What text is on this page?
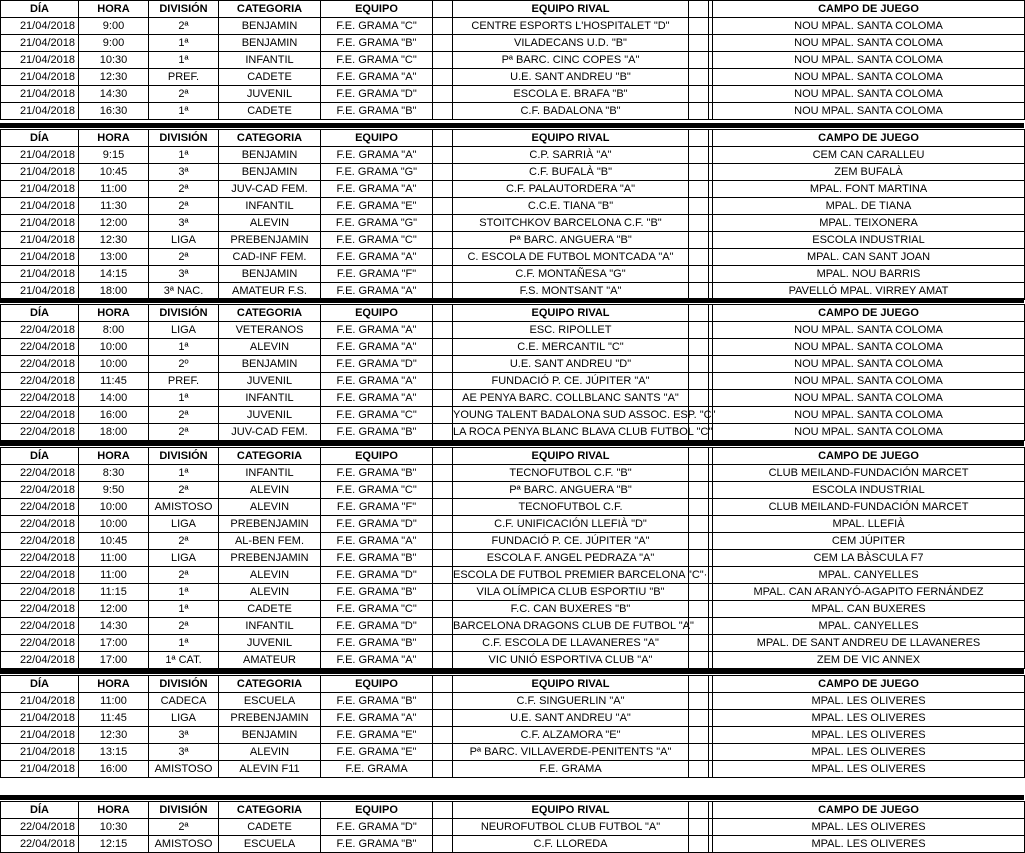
DÍA	HORA	DIVISIÓN	CATEGORIA	EQUIPO		EQUIPO RIVAL			CAMPO DE JUEGO
21/04/2018	9:00	2ª	BENJAMIN	F.E. GRAMA "C"		CENTRE ESPORTS L'HOSPITALET "D"			NOU MPAL. SANTA COLOMA
21/04/2018	9:00	1ª	BENJAMIN	F.E. GRAMA "B"		VILADECANS U.D. "B"			NOU MPAL. SANTA COLOMA
21/04/2018	10:30	1ª	INFANTIL	F.E. GRAMA "C"		Pª BARC. CINC COPES "A"			NOU MPAL. SANTA COLOMA
21/04/2018	12:30	PREF.	CADETE	F.E. GRAMA "A"		U.E. SANT ANDREU "B"			NOU MPAL. SANTA COLOMA
21/04/2018	14:30	2ª	JUVENIL	F.E. GRAMA "D"		ESCOLA E. BRAFA "B"			NOU MPAL. SANTA COLOMA
21/04/2018	16:30	1ª	CADETE	F.E. GRAMA "B"		C.F. BADALONA "B"			NOU MPAL. SANTA COLOMA
DÍA	HORA	DIVISIÓN	CATEGORIA	EQUIPO		EQUIPO RIVAL			CAMPO DE JUEGO
21/04/2018	9:15	1ª	BENJAMIN	F.E. GRAMA "A"		C.P. SARRIÀ "A"			CEM CAN CARALLEU
21/04/2018	10:45	3ª	BENJAMIN	F.E. GRAMA "G"		C.F. BUFALÀ "B"			ZEM BUFALÀ
21/04/2018	11:00	2ª	JUV-CAD FEM.	F.E. GRAMA "A"		C.F. PALAUTORDERA "A"			MPAL. FONT MARTINA
21/04/2018	11:30	2ª	INFANTIL	F.E. GRAMA "E"		C.C.E. TIANA "B"			MPAL. DE TIANA
21/04/2018	12:00	3ª	ALEVIN	F.E. GRAMA "G"		STOITCHKOV BARCELONA C.F. "B"			MPAL. TEIXONERA
21/04/2018	12:30	LIGA	PREBENJAMIN	F.E. GRAMA "C"		Pª BARC. ANGUERA "B"			ESCOLA INDUSTRIAL
21/04/2018	13:00	2ª	CAD-INF FEM.	F.E. GRAMA "A"		C. ESCOLA DE FUTBOL MONTCADA "A"			MPAL. CAN SANT JOAN
21/04/2018	14:15	3ª	BENJAMIN	F.E. GRAMA "F"		C.F. MONTAÑESA "G"			MPAL. NOU BARRIS
21/04/2018	18:00	3ª NAC.	AMATEUR F.S.	F.E. GRAMA "A"		F.S. MONTSANT "A"			PAVELLÓ MPAL. VIRREY AMAT
DÍA	HORA	DIVISIÓN	CATEGORIA	EQUIPO		EQUIPO RIVAL			CAMPO DE JUEGO
22/04/2018	8:00	LIGA	VETERANOS	F.E. GRAMA "A"		ESC. RIPOLLET			NOU MPAL. SANTA COLOMA
22/04/2018	10:00	1ª	ALEVIN	F.E. GRAMA "A"		C.E. MERCANTIL "C"			NOU MPAL. SANTA COLOMA
22/04/2018	10:00	2º	BENJAMIN	F.E. GRAMA "D"		U.E. SANT ANDREU "D"			NOU MPAL. SANTA COLOMA
22/04/2018	11:45	PREF.	JUVENIL	F.E. GRAMA "A"		FUNDACIÓ P. CE. JÚPITER "A"			NOU MPAL. SANTA COLOMA
22/04/2018	14:00	1ª	INFANTIL	F.E. GRAMA "A"		AE PENYA BARC. COLLBLANC SANTS "A"			NOU MPAL. SANTA COLOMA
22/04/2018	16:00	2ª	JUVENIL	F.E. GRAMA "C"		YOUNG TALENT BADALONA SUD ASSOC. ESP. "C"			NOU MPAL. SANTA COLOMA
22/04/2018	18:00	2ª	JUV-CAD FEM.	F.E. GRAMA "B"		LA ROCA PENYA BLANC BLAVA CLUB FUTBOL "C"			NOU MPAL. SANTA COLOMA
DÍA	HORA	DIVISIÓN	CATEGORIA	EQUIPO		EQUIPO RIVAL			CAMPO DE JUEGO
22/04/2018	8:30	1ª	INFANTIL	F.E. GRAMA "B"		TECNOFUTBOL C.F. "B"			CLUB MEILAND-FUNDACIÓN MARCET
22/04/2018	9:50	2ª	ALEVIN	F.E. GRAMA "C"		Pª BARC. ANGUERA "B"			ESCOLA INDUSTRIAL
22/04/2018	10:00	AMISTOSO	ALEVIN	F.E. GRAMA "F"		TECNOFUTBOL C.F.			CLUB MEILAND-FUNDACIÓN MARCET
22/04/2018	10:00	LIGA	PREBENJAMIN	F.E. GRAMA "D"		C.F. UNIFICACIÓN LLEFIÀ "D"			MPAL. LLEFIÀ
22/04/2018	10:45	2ª	AL-BEN FEM.	F.E. GRAMA "A"		FUNDACIÓ P. CE. JÚPITER "A"			CEM JÚPITER
22/04/2018	11:00	LIGA	PREBENJAMIN	F.E. GRAMA "B"		ESCOLA F. ANGEL PEDRAZA "A"			CEM LA BÀSCULA F7
22/04/2018	11:00	2ª	ALEVIN	F.E. GRAMA "D"		ESCOLA DE FUTBOL PREMIER BARCELONA "C"·			MPAL. CANYELLES
22/04/2018	11:15	1ª	ALEVIN	F.E. GRAMA "B"		VILA OLÍMPICA CLUB ESPORTIU "B"			MPAL. CAN ARANYÓ-AGAPITO FERNÁNDEZ
22/04/2018	12:00	1ª	CADETE	F.E. GRAMA "C"		F.C. CAN BUXERES "B"			MPAL. CAN BUXERES
22/04/2018	14:30	2ª	INFANTIL	F.E. GRAMA "D"		BARCELONA DRAGONS CLUB DE FUTBOL "A"			MPAL. CANYELLES
22/04/2018	17:00	1ª	JUVENIL	F.E. GRAMA "B"		C.F. ESCOLA DE LLAVANERES "A"			MPAL. DE SANT ANDREU DE LLAVANERES
22/04/2018	17:00	1ª CAT.	AMATEUR	F.E. GRAMA "A"		VIC UNIÓ ESPORTIVA CLUB "A"			ZEM DE VIC ANNEX
DÍA	HORA	DIVISIÓN	CATEGORIA	EQUIPO		EQUIPO RIVAL			CAMPO DE JUEGO
21/04/2018	11:00	CADECA	ESCUELA	F.E. GRAMA "B"		C.F. SINGUERLIN "A"			MPAL. LES OLIVERES
21/04/2018	11:45	LIGA	PREBENJAMIN	F.E. GRAMA "A"		U.E. SANT ANDREU "A"			MPAL. LES OLIVERES
21/04/2018	12:30	3ª	BENJAMIN	F.E. GRAMA "E"		C.F. ALZAMORA "E"			MPAL. LES OLIVERES
21/04/2018	13:15	3ª	ALEVIN	F.E. GRAMA "E"		Pª BARC. VILLAVERDE-PENITENTS "A"			MPAL. LES OLIVERES
21/04/2018	16:00	AMISTOSO	ALEVIN F11	F.E. GRAMA		F.E. GRAMA			MPAL. LES OLIVERES
DÍA	HORA	DIVISIÓN	CATEGORIA	EQUIPO		EQUIPO RIVAL			CAMPO DE JUEGO
22/04/2018	10:30	2ª	CADETE	F.E. GRAMA "D"		NEUROFUTBOL CLUB FUTBOL "A"			MPAL. LES OLIVERES
22/04/2018	12:15	AMISTOSO	ESCUELA	F.E. GRAMA "B"		C.F. LLOREDA			MPAL. LES OLIVERES
